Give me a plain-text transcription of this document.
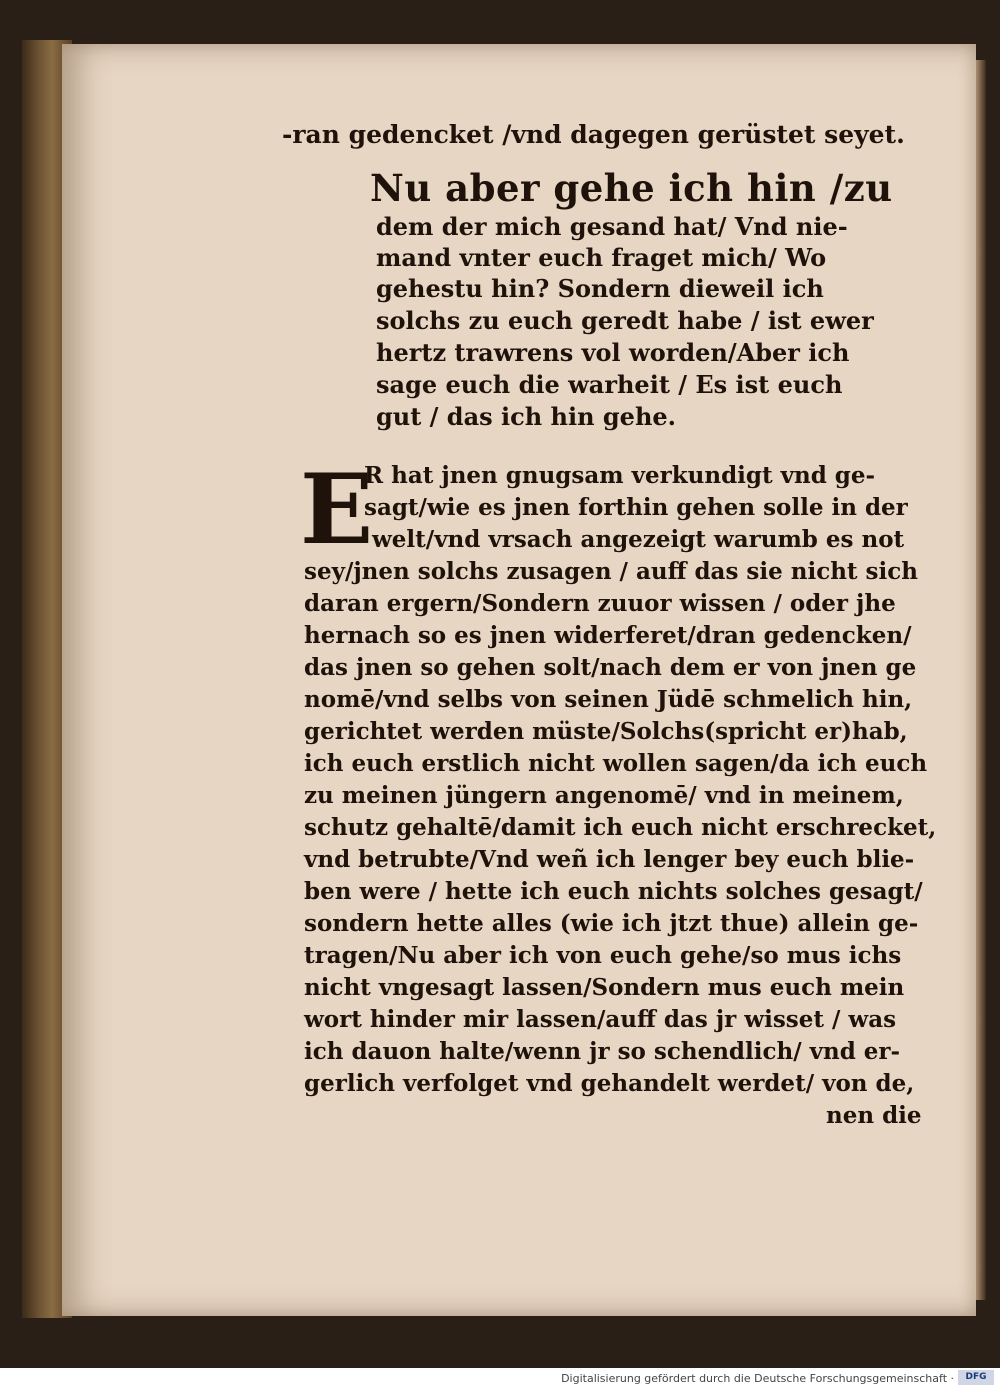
-ran gedencket /vnd dagegen gerüstet seyet.
Nu aber gehe ich hin /zu
dem der mich gesand hat/ Vnd nie-
mand vnter euch fraget mich/ Wo
gehestu hin? Sondern dieweil ich
solchs zu euch geredt habe / ist ewer
hertz trawrens vol worden/Aber ich
sage euch die warheit / Es ist euch
gut / das ich hin gehe.
E
R hat jnen gnugsam verkundigt vnd ge-
sagt/wie es jnen forthin gehen solle in der
welt/vnd vrsach angezeigt warumb es not
sey/jnen solchs zusagen / auff das sie nicht sich
daran ergern/Sondern zuuor wissen / oder jhe
hernach so es jnen widerferet/dran gedencken/
das jnen so gehen solt/nach dem er von jnen ge
nomē/vnd selbs von seinen Jüdē schmelich hin,
gerichtet werden müste/Solchs(spricht er)hab,
ich euch erstlich nicht wollen sagen/da ich euch
zu meinen jüngern angenomē/ vnd in meinem,
schutz gehaltē/damit ich euch nicht erschrecket,
vnd betrubte/Vnd weñ ich lenger bey euch blie-
ben were / hette ich euch nichts solches gesagt/
sondern hette alles (wie ich jtzt thue) allein ge-
tragen/Nu aber ich von euch gehe/so mus ichs
nicht vngesagt lassen/Sondern mus euch mein
wort hinder mir lassen/auff das jr wisset / was
ich dauon halte/wenn jr so schendlich/ vnd er-
gerlich verfolget vnd gehandelt werdet/ von de,
nen die
Digitalisierung gefördert durch die Deutsche Forschungsgemeinschaft ·	DFG
